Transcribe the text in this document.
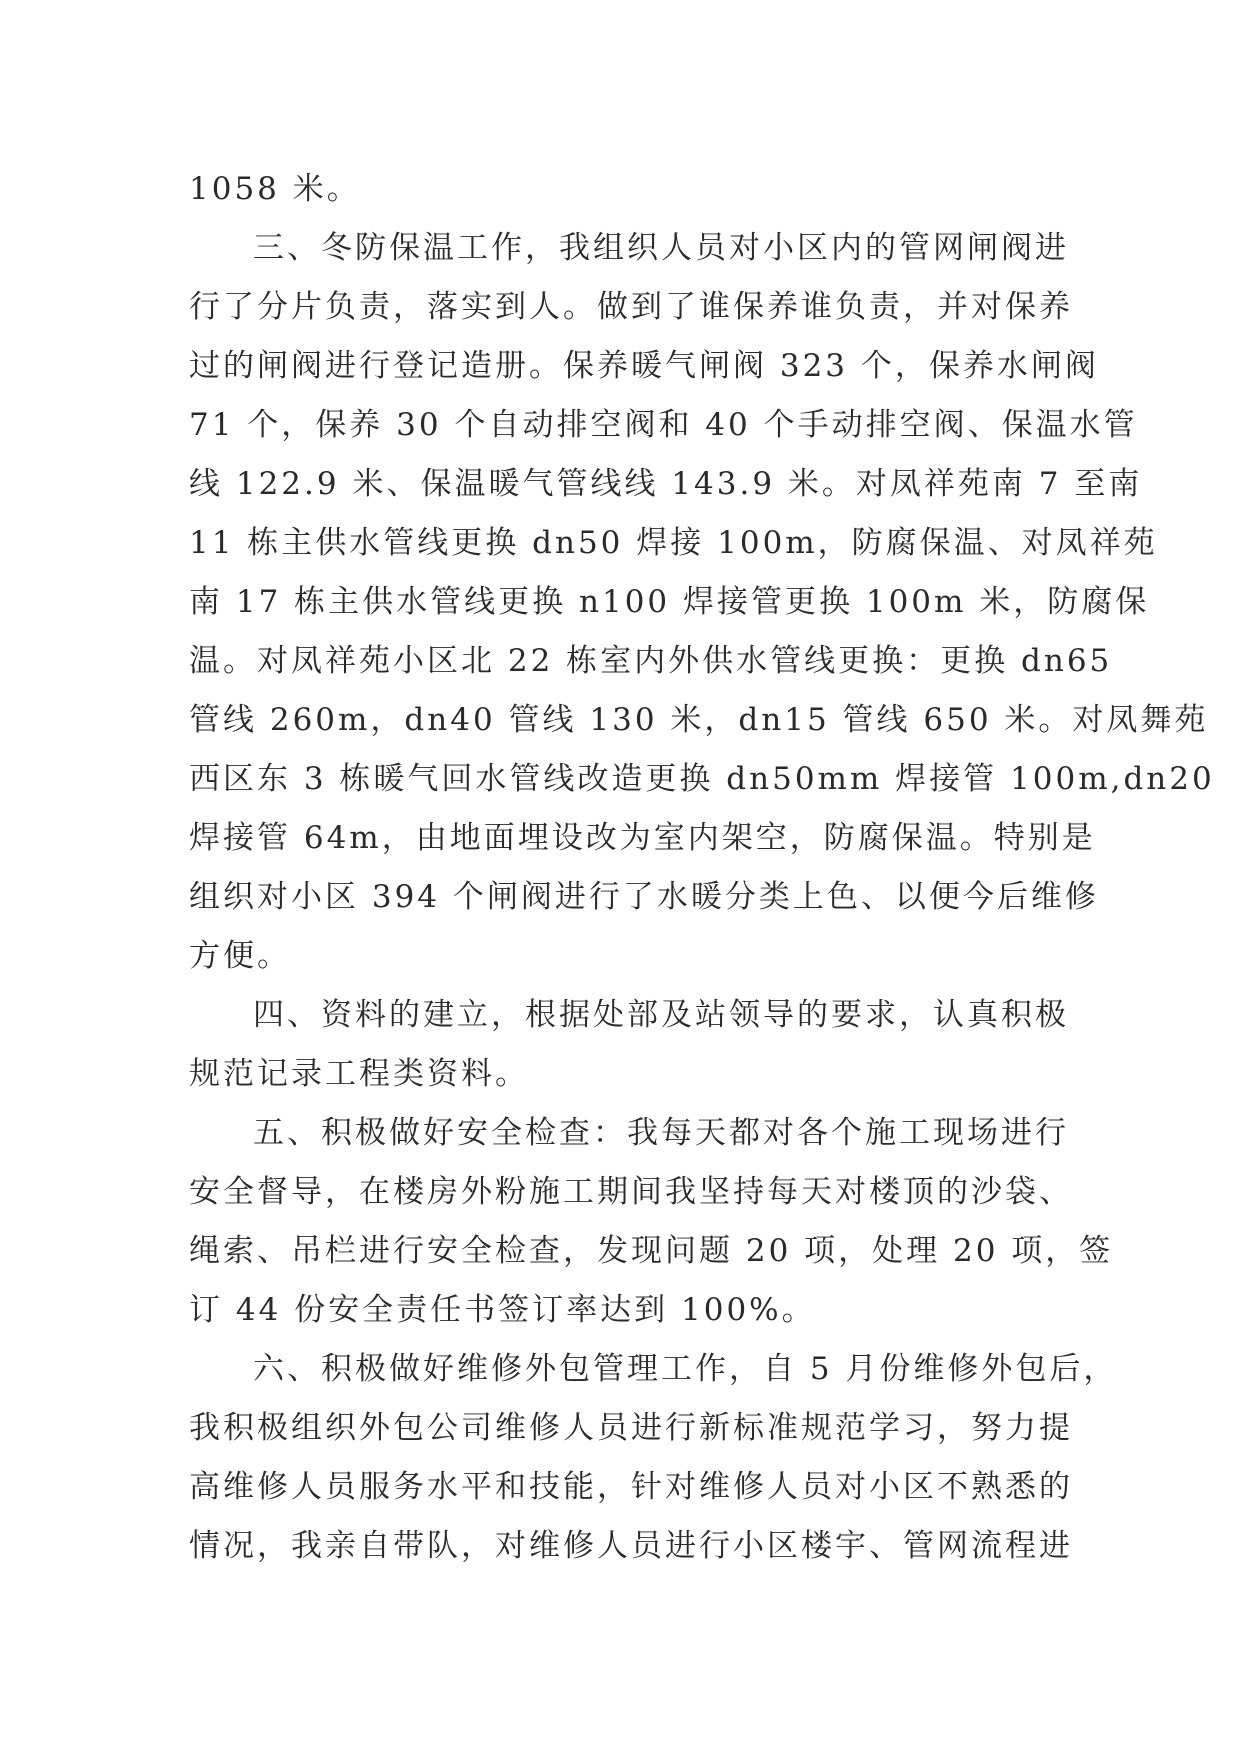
1058 米。
三、冬防保温工作，我组织人员对小区内的管网闸阀进
行了分片负责，落实到人。做到了谁保养谁负责，并对保养
过的闸阀进行登记造册。保养暖气闸阀 323 个，保养水闸阀
71 个，保养 30 个自动排空阀和 40 个手动排空阀、保温水管
线 122.9 米、保温暖气管线线 143.9 米。对凤祥苑南 7 至南
11 栋主供水管线更换 dn50 焊接 100m，防腐保温、对凤祥苑
南 17 栋主供水管线更换 n100 焊接管更换 100m 米，防腐保
温。对凤祥苑小区北 22 栋室内外供水管线更换：更换 dn65
管线 260m，dn40 管线 130 米，dn15 管线 650 米。对凤舞苑
西区东 3 栋暖气回水管线改造更换 dn50mm 焊接管 100m,dn20
焊接管 64m，由地面埋设改为室内架空，防腐保温。特别是
组织对小区 394 个闸阀进行了水暖分类上色、以便今后维修
方便。
四、资料的建立，根据处部及站领导的要求，认真积极
规范记录工程类资料。
五、积极做好安全检查：我每天都对各个施工现场进行
安全督导，在楼房外粉施工期间我坚持每天对楼顶的沙袋、
绳索、吊栏进行安全检查，发现问题 20 项，处理 20 项，签
订 44 份安全责任书签订率达到 100%。
六、积极做好维修外包管理工作，自 5 月份维修外包后，
我积极组织外包公司维修人员进行新标准规范学习，努力提
高维修人员服务水平和技能，针对维修人员对小区不熟悉的
情况，我亲自带队，对维修人员进行小区楼宇、管网流程进
